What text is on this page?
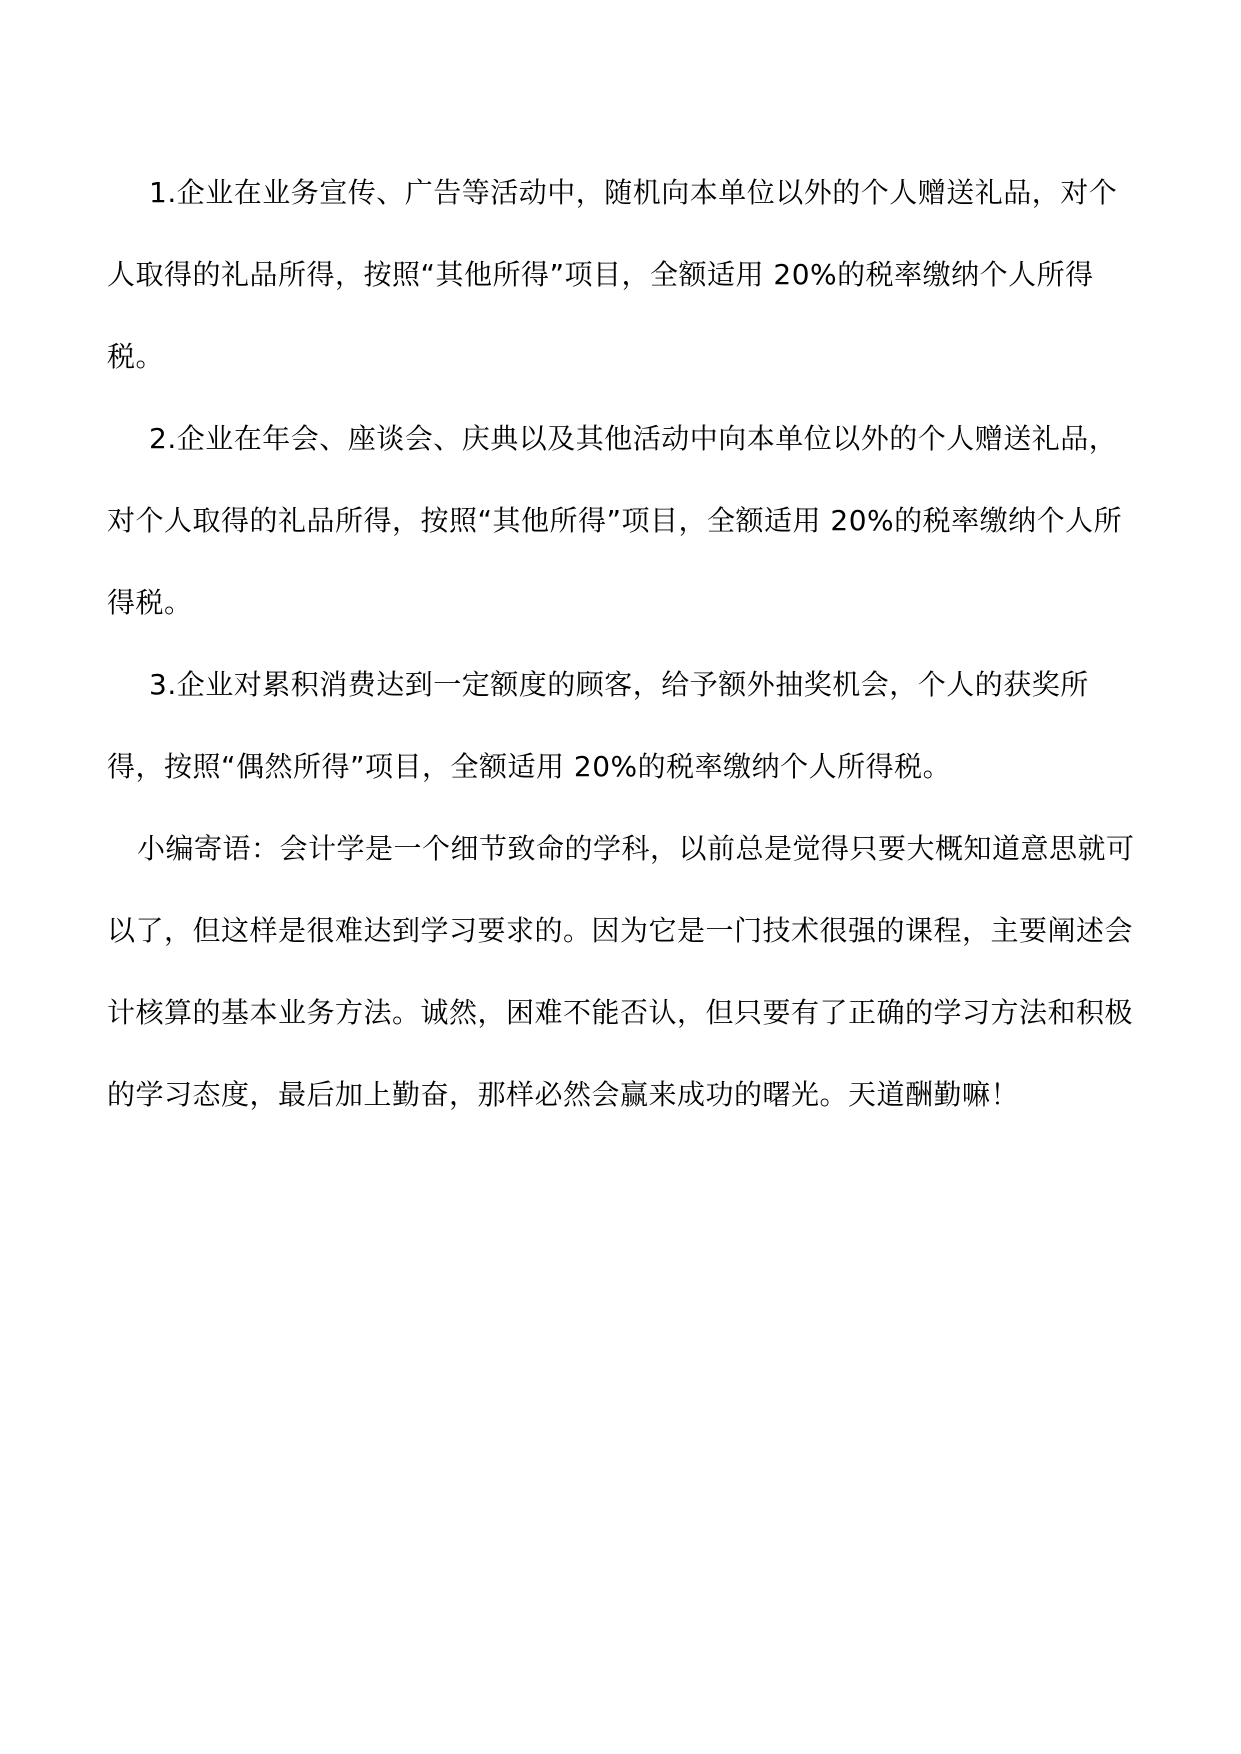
1.企业在业务宣传、广告等活动中，随机向本单位以外的个人赠送礼品，对个人取得的礼品所得，按照“其他所得”项目，全额适用 20%的税率缴纳个人所得税。

2.企业在年会、座谈会、庆典以及其他活动中向本单位以外的个人赠送礼品，对个人取得的礼品所得，按照“其他所得”项目，全额适用 20%的税率缴纳个人所得税。

3.企业对累积消费达到一定额度的顾客，给予额外抽奖机会，个人的获奖所得，按照“偶然所得”项目，全额适用 20%的税率缴纳个人所得税。

小编寄语：会计学是一个细节致命的学科，以前总是觉得只要大概知道意思就可以了，但这样是很难达到学习要求的。因为它是一门技术很强的课程，主要阐述会计核算的基本业务方法。诚然，困难不能否认，但只要有了正确的学习方法和积极的学习态度，最后加上勤奋，那样必然会赢来成功的曙光。天道酬勤嘛！
